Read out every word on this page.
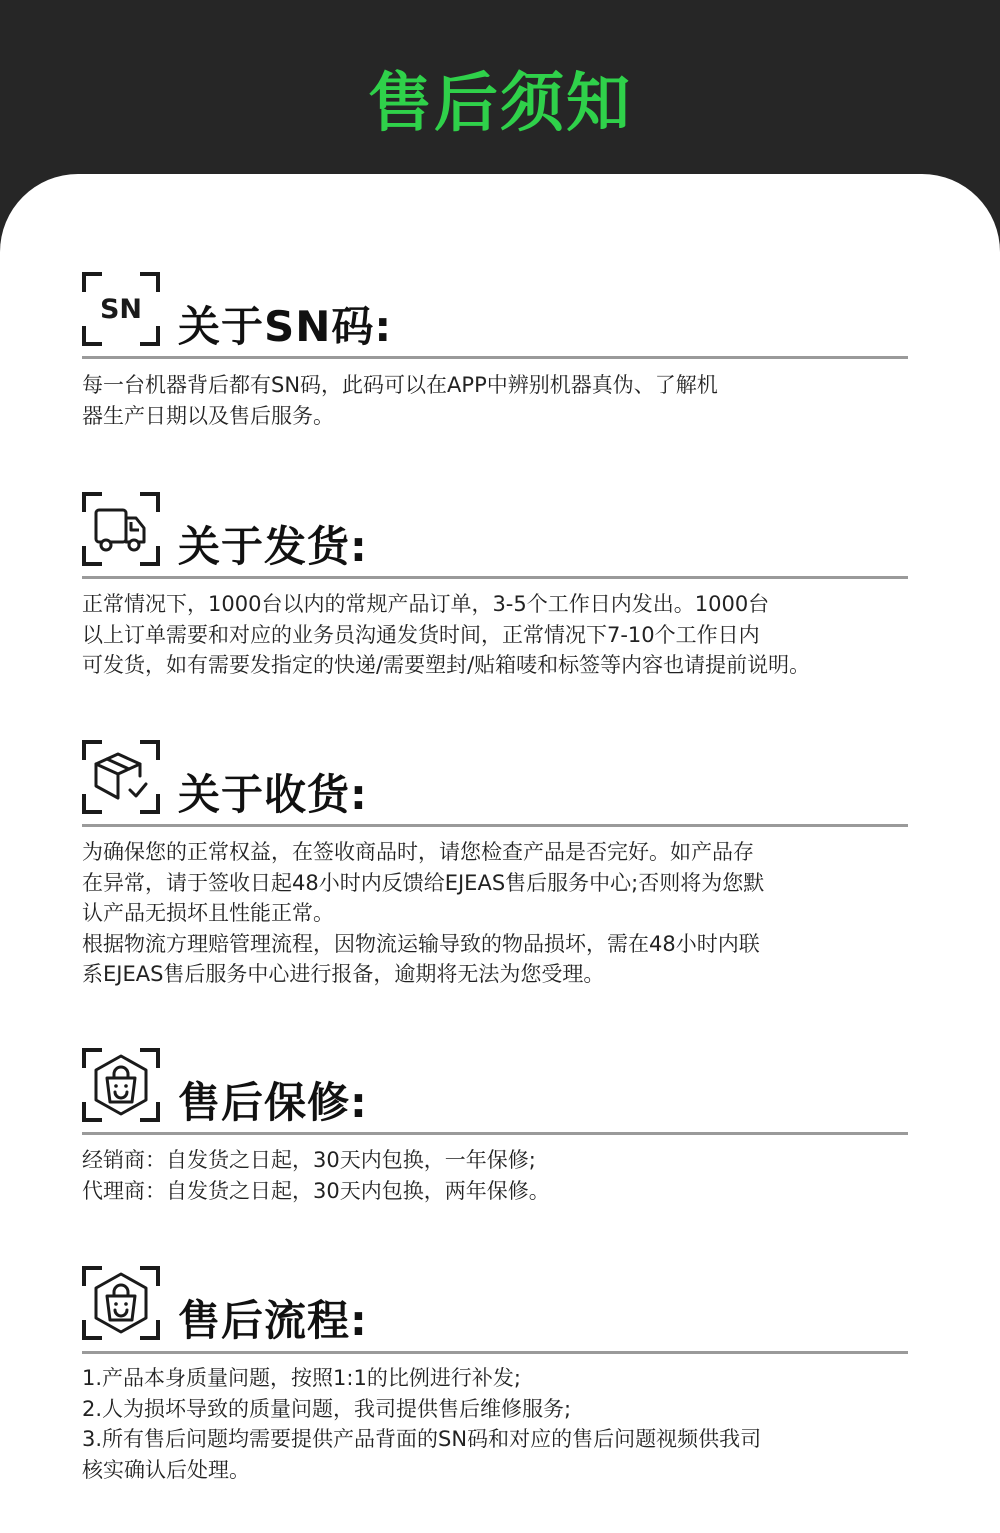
售后须知
SN 关于SN码:

每一台机器背后都有SN码，此码可以在APP中辨别机器真伪、了解机

器生产日期以及售后服务。

关于发货:

正常情况下，1000台以内的常规产品订单，3-5个工作日内发出。1000台

以上订单需要和对应的业务员沟通发货时间，正常情况下7-10个工作日内

可发货，如有需要发指定的快递/需要塑封/贴箱唛和标签等内容也请提前说明。

关于收货:

为确保您的正常权益，在签收商品时，请您检查产品是否完好。如产品存

在异常，请于签收日起48小时内反馈给EJEAS售后服务中心;否则将为您默

认产品无损坏且性能正常。

根据物流方理赔管理流程，因物流运输导致的物品损坏，需在48小时内联

系EJEAS售后服务中心进行报备，逾期将无法为您受理。

售后保修:

经销商：自发货之日起，30天内包换，一年保修;

代理商：自发货之日起，30天内包换，两年保修。

售后流程:

1.产品本身质量问题，按照1:1的比例进行补发;

2.人为损坏导致的质量问题，我司提供售后维修服务;

3.所有售后问题均需要提供产品背面的SN码和对应的售后问题视频供我司

核实确认后处理。
